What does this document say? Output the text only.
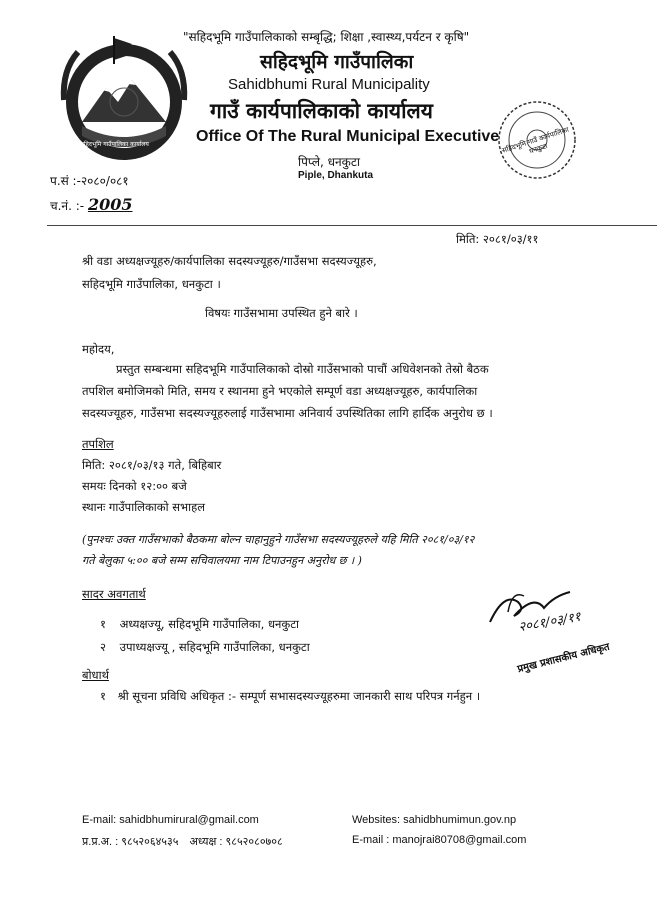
सहिदभूमि गाउँपालिका कार्यालय
"सहिदभूमि गाउँपालिकाको सम्बृद्धि; शिक्षा ,स्वास्थ्य,पर्यटन र कृषि"
सहिदभूमि गाउँपालिका
Sahidbhumi Rural Municipality
गाउँ कार्यपालिकाको कार्यालय
Office Of The Rural Municipal Executive
पिप्ले, धनकुटा
Piple, Dhankuta
सहिदभूमि गाउँ कार्यपालिका धनकुटा
प.सं :-२०८०/०८१
च.नं. :- 2005
मिति: २०८१/०३/११
श्री वडा अध्यक्षज्यूहरु/कार्यपालिका सदस्यज्यूहरु/गाउँसभा सदस्यज्यूहरु,
सहिदभूमि गाउँपालिका, धनकुटा ।
विषयः गाउँसभामा उपस्थित हुने बारे ।
महोदय,
प्रस्तुत सम्बन्धमा सहिदभूमि गाउँपालिकाको दोस्रो गाउँसभाको पाचौं अधिवेशनको तेस्रो बैठक
तपशिल बमोजिमको मिति, समय र स्थानमा हुने भएकोले सम्पूर्ण वडा अध्यक्षज्यूहरु, कार्यपालिका
सदस्यज्यूहरु, गाउँसभा सदस्यज्यूहरुलाई गाउँसभामा अनिवार्य उपस्थितिका लागि हार्दिक अनुरोध छ ।
तपशिल
मिति: २०८१/०३/१३ गते, बिहिबार
समयः दिनको १२:०० बजे
स्थानः गाउँपालिकाको सभाहल
(पुनश्चः उक्त गाउँसभाको बैठकमा बोल्न चाहानुहुने गाउँसभा सदस्यज्यूहरुले यहि मिति २०८१/०३/१२
गते बेलुका ५:०० बजे सम्म सचिवालयमा नाम टिपाउनहुन अनुरोध छ । )
सादर अवगतार्थ
१ अध्यक्षज्यू, सहिदभूमि गाउँपालिका, धनकुटा
२ उपाध्यक्षज्यू , सहिदभूमि गाउँपालिका, धनकुटा
२०८१/०३/११
प्रमुख प्रशासकीय अधिकृत
बोधार्थ
१ श्री सूचना प्रविधि अधिकृत :- सम्पूर्ण सभासदस्यज्यूहरुमा जानकारी साथ परिपत्र गर्नहुन ।
E-mail: sahidbhumirural@gmail.com
प्र.प्र.अ. : ९८५२०६४५३५ अध्यक्ष : ९८५२०८०७०८
Websites: sahidbhumimun.gov.np
E-mail : manojrai80708@gmail.com
